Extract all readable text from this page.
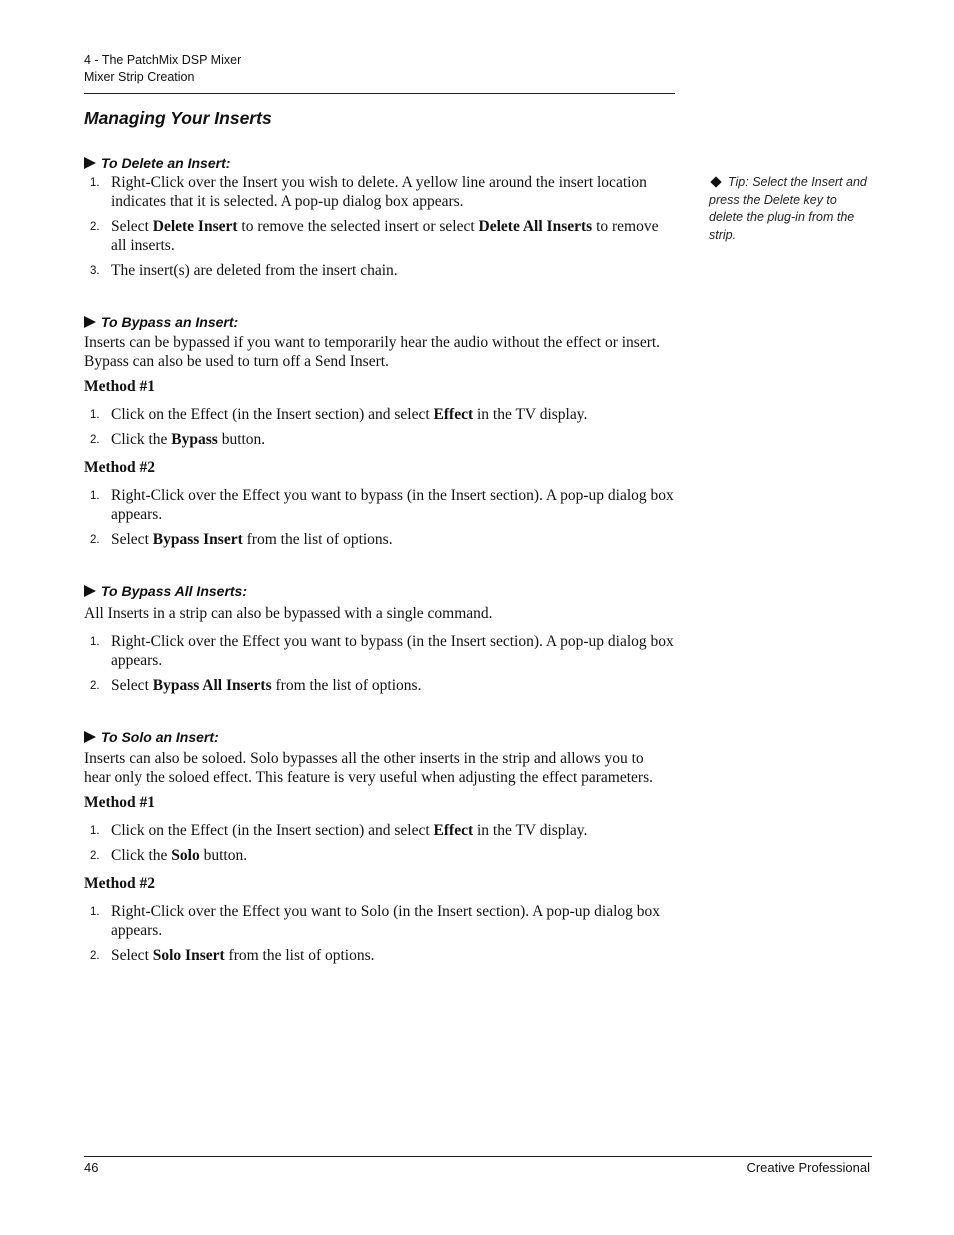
4 - The PatchMix DSP Mixer
Mixer Strip Creation
Managing Your Inserts
To Delete an Insert:
1. Right-Click over the Insert you wish to delete. A yellow line around the insert location indicates that it is selected. A pop-up dialog box appears.
2. Select Delete Insert to remove the selected insert or select Delete All Inserts to remove all inserts.
3. The insert(s) are deleted from the insert chain.
To Bypass an Insert:

Inserts can be bypassed if you want to temporarily hear the audio without the effect or insert. Bypass can also be used to turn off a Send Insert.

Method #1
1. Click on the Effect (in the Insert section) and select Effect in the TV display.
2. Click the Bypass button.
Method #2
1. Right-Click over the Effect you want to bypass (in the Insert section). A pop-up dialog box appears.
2. Select Bypass Insert from the list of options.
To Bypass All Inserts:

All Inserts in a strip can also be bypassed with a single command.

1. Right-Click over the Effect you want to bypass (in the Insert section). A pop-up dialog box appears.
2. Select Bypass All Inserts from the list of options.
To Solo an Insert:

Inserts can also be soloed. Solo bypasses all the other inserts in the strip and allows you to hear only the soloed effect. This feature is very useful when adjusting the effect parameters.

Method #1
1. Click on the Effect (in the Insert section) and select Effect in the TV display.
2. Click the Solo button.
Method #2
1. Right-Click over the Effect you want to Solo (in the Insert section). A pop-up dialog box appears.
2. Select Solo Insert from the list of options.
Tip: Select the Insert and press the Delete key to delete the plug-in from the strip.
46	Creative Professional
